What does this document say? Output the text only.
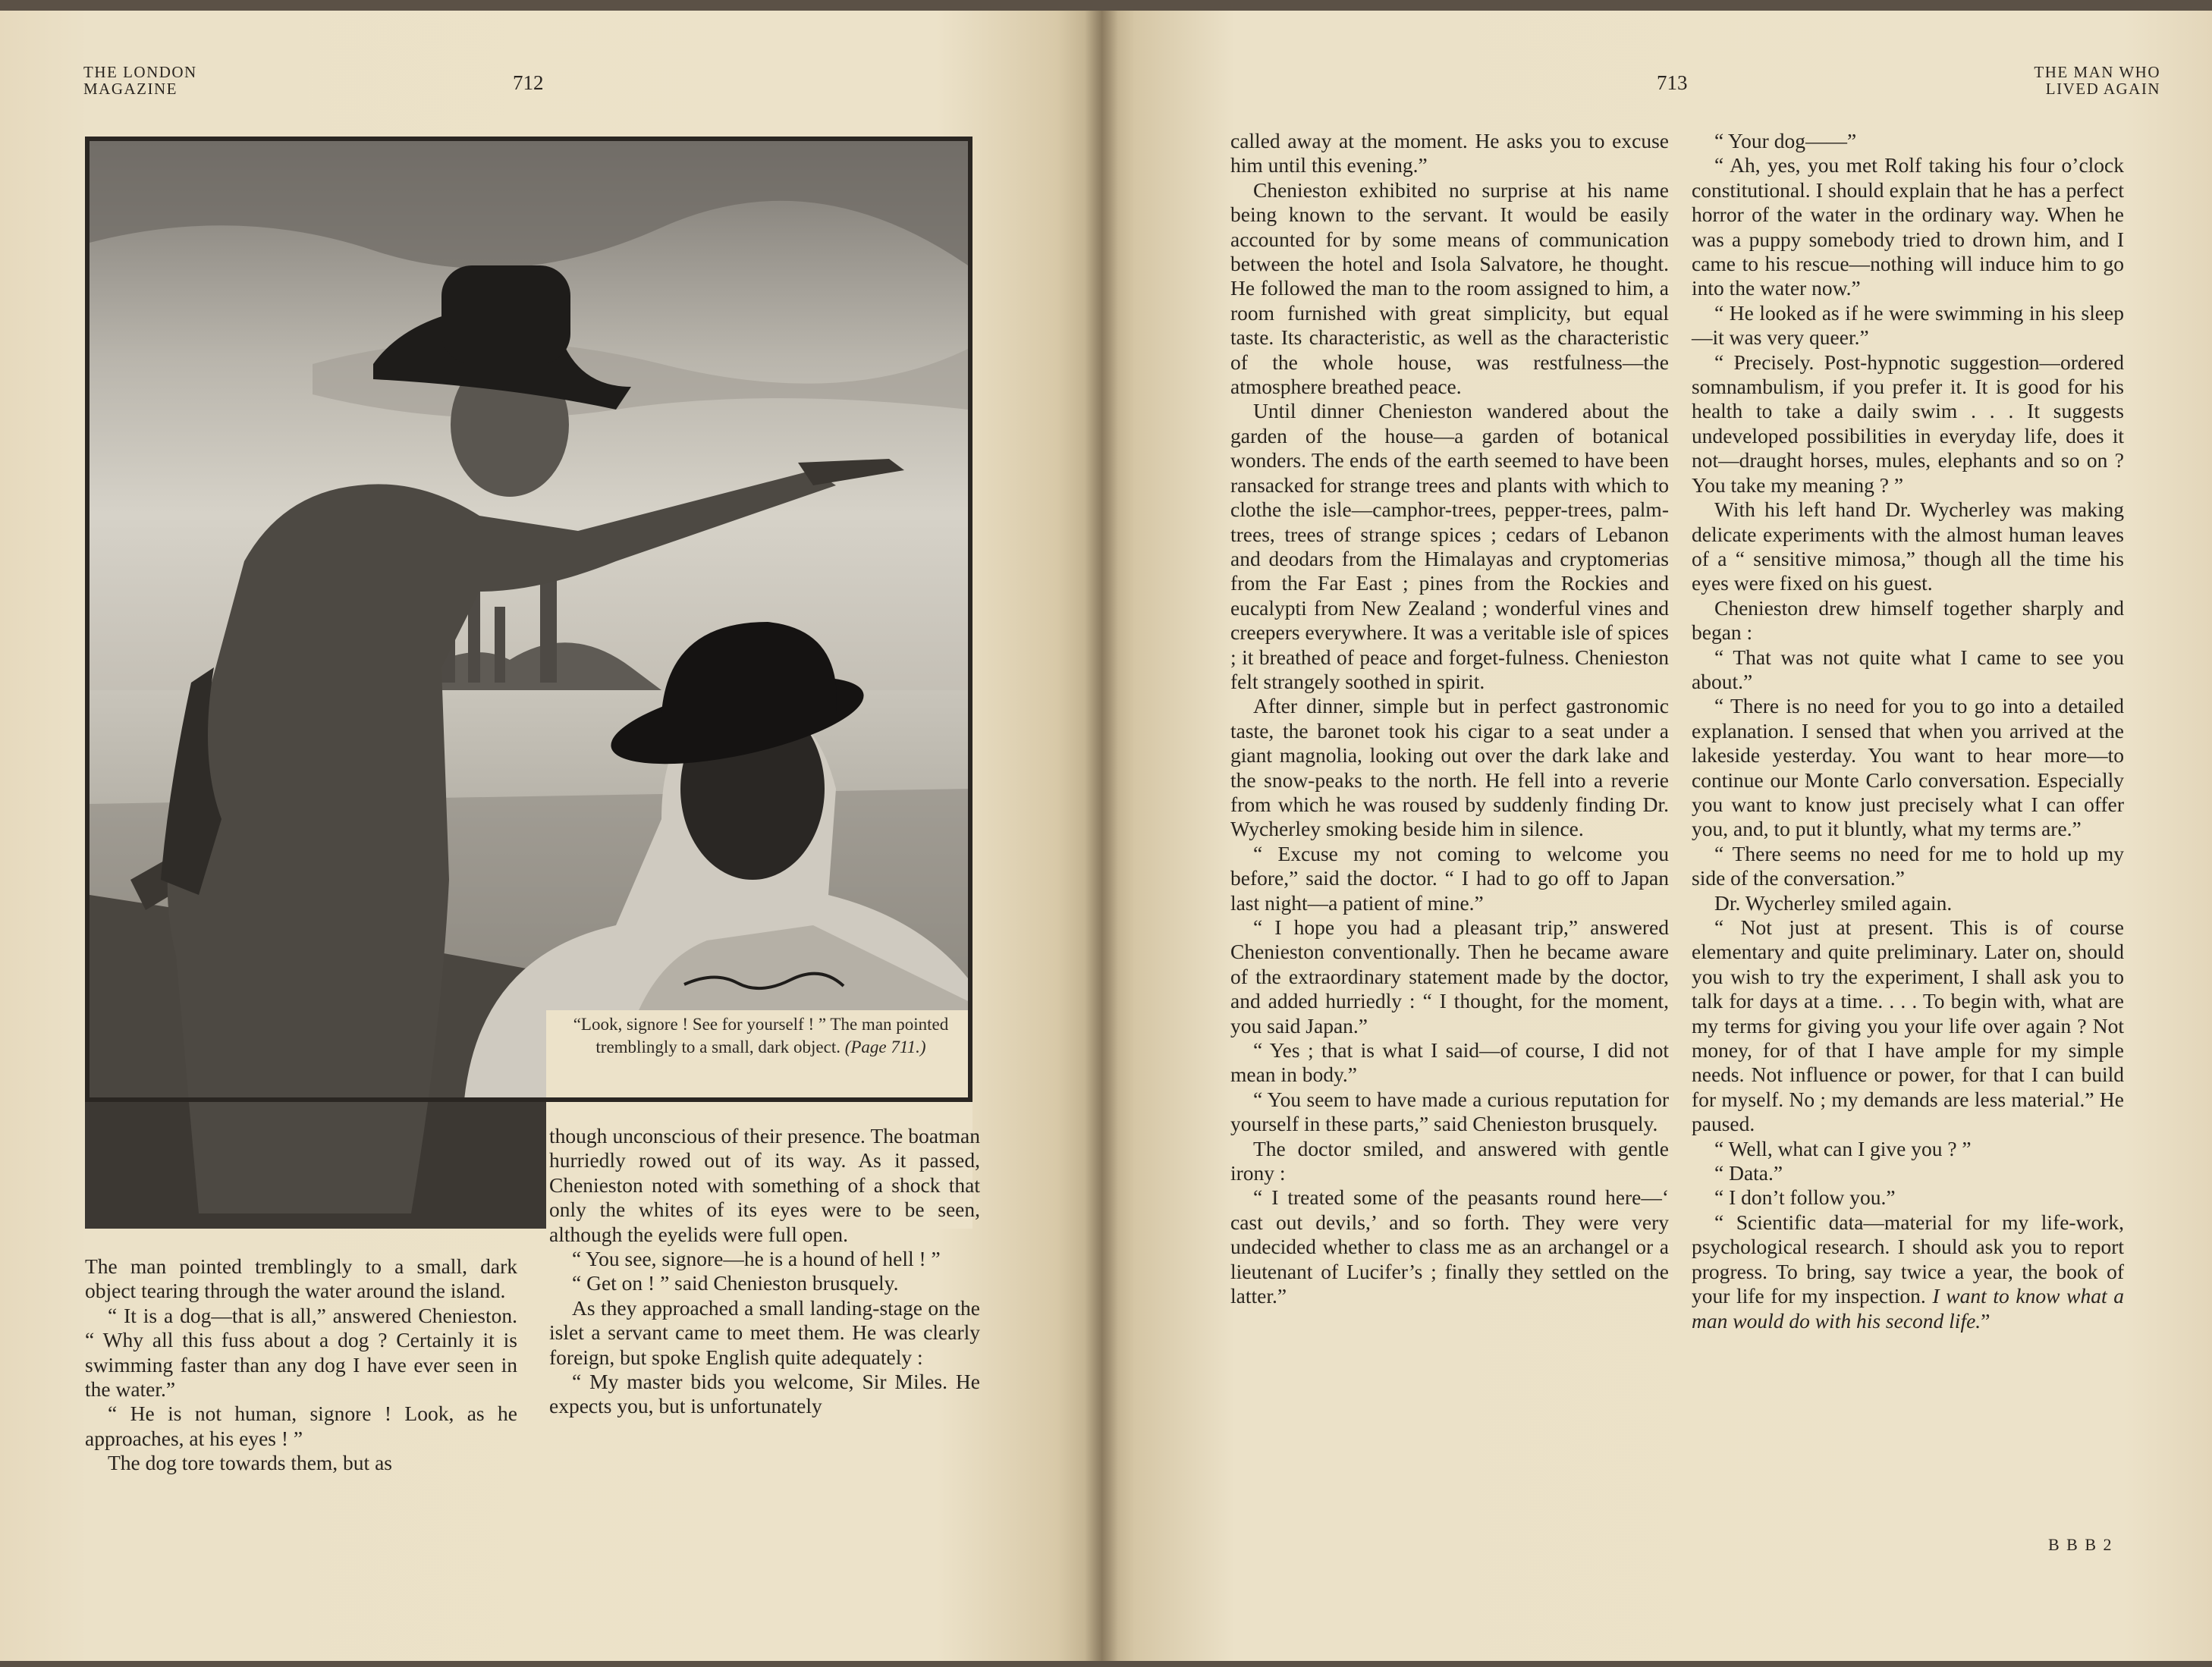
THE LONDON
MAGAZINE	712
“Look, signore ! See for yourself ! ” The man pointed tremblingly to a small, dark object. (Page 711.)

The man pointed tremblingly to a small, dark object tearing through the water around the island.

“ It is a dog—that is all,” answered Chenieston. “ Why all this fuss about a dog ? Certainly it is swimming faster than any dog I have ever seen in the water.”

“ He is not human, signore ! Look, as he approaches, at his eyes ! ”

The dog tore towards them, but as

though unconscious of their presence. The boatman hurriedly rowed out of its way. As it passed, Chenieston noted with something of a shock that only the whites of its eyes were to be seen, although the eyelids were full open.

“ You see, signore—he is a hound of hell ! ”

“ Get on ! ” said Chenieston brusquely.

As they approached a small landing-stage on the islet a servant came to meet them. He was clearly foreign, but spoke English quite adequately :

“ My master bids you welcome, Sir Miles. He expects you, but is unfortunately

713	THE MAN WHO
LIVED AGAIN

called away at the moment. He asks you to excuse him until this evening.”

Chenieston exhibited no surprise at his name being known to the servant. It would be easily accounted for by some means of communication between the hotel and Isola Salvatore, he thought. He followed the man to the room assigned to him, a room furnished with great simplicity, but equal taste. Its characteristic, as well as the characteristic of the whole house, was restfulness—the atmosphere breathed peace.

Until dinner Chenieston wandered about the garden of the house—a garden of botanical wonders. The ends of the earth seemed to have been ransacked for strange trees and plants with which to clothe the isle—camphor-trees, pepper-trees, palm-trees, trees of strange spices ; cedars of Lebanon and deodars from the Himalayas and cryptomerias from the Far East ; pines from the Rockies and eucalypti from New Zealand ; wonderful vines and creepers everywhere. It was a veritable isle of spices ; it breathed of peace and forget-fulness. Chenieston felt strangely soothed in spirit.

After dinner, simple but in perfect gastronomic taste, the baronet took his cigar to a seat under a giant magnolia, looking out over the dark lake and the snow-peaks to the north. He fell into a reverie from which he was roused by suddenly finding Dr. Wycherley smoking beside him in silence.

“ Excuse my not coming to welcome you before,” said the doctor. “ I had to go off to Japan last night—a patient of mine.”

“ I hope you had a pleasant trip,” answered Chenieston conventionally. Then he became aware of the extraordinary statement made by the doctor, and added hurriedly : “ I thought, for the moment, you said Japan.”

“ Yes ; that is what I said—of course, I did not mean in body.”

“ You seem to have made a curious reputation for yourself in these parts,” said Chenieston brusquely.

The doctor smiled, and answered with gentle irony :

“ I treated some of the peasants round here—‘ cast out devils,’ and so forth. They were very undecided whether to class me as an archangel or a lieutenant of Lucifer’s ; finally they settled on the latter.”

“ Your dog——”

“ Ah, yes, you met Rolf taking his four o’clock constitutional. I should explain that he has a perfect horror of the water in the ordinary way. When he was a puppy somebody tried to drown him, and I came to his rescue—nothing will induce him to go into the water now.”

“ He looked as if he were swimming in his sleep—it was very queer.”

“ Precisely. Post-hypnotic suggestion—ordered somnambulism, if you prefer it. It is good for his health to take a daily swim . . . It suggests undeveloped possibilities in everyday life, does it not—draught horses, mules, elephants and so on ? You take my meaning ? ”

With his left hand Dr. Wycherley was making delicate experiments with the almost human leaves of a “ sensitive mimosa,” though all the time his eyes were fixed on his guest.

Chenieston drew himself together sharply and began :

“ That was not quite what I came to see you about.”

“ There is no need for you to go into a detailed explanation. I sensed that when you arrived at the lakeside yesterday. You want to hear more—to continue our Monte Carlo conversation. Especially you want to know just precisely what I can offer you, and, to put it bluntly, what my terms are.”

“ There seems no need for me to hold up my side of the conversation.”

Dr. Wycherley smiled again.

“ Not just at present. This is of course elementary and quite preliminary. Later on, should you wish to try the experiment, I shall ask you to talk for days at a time. . . . To begin with, what are my terms for giving you your life over again ? Not money, for of that I have ample for my simple needs. Not influence or power, for that I can build for myself. No ; my demands are less material.” He paused.

“ Well, what can I give you ? ”

“ Data.”

“ I don’t follow you.”

“ Scientific data—material for my life-work, psychological research. I should ask you to report progress. To bring, say twice a year, the book of your life for my inspection. I want to know what a man would do with his second life.”

B B B 2
